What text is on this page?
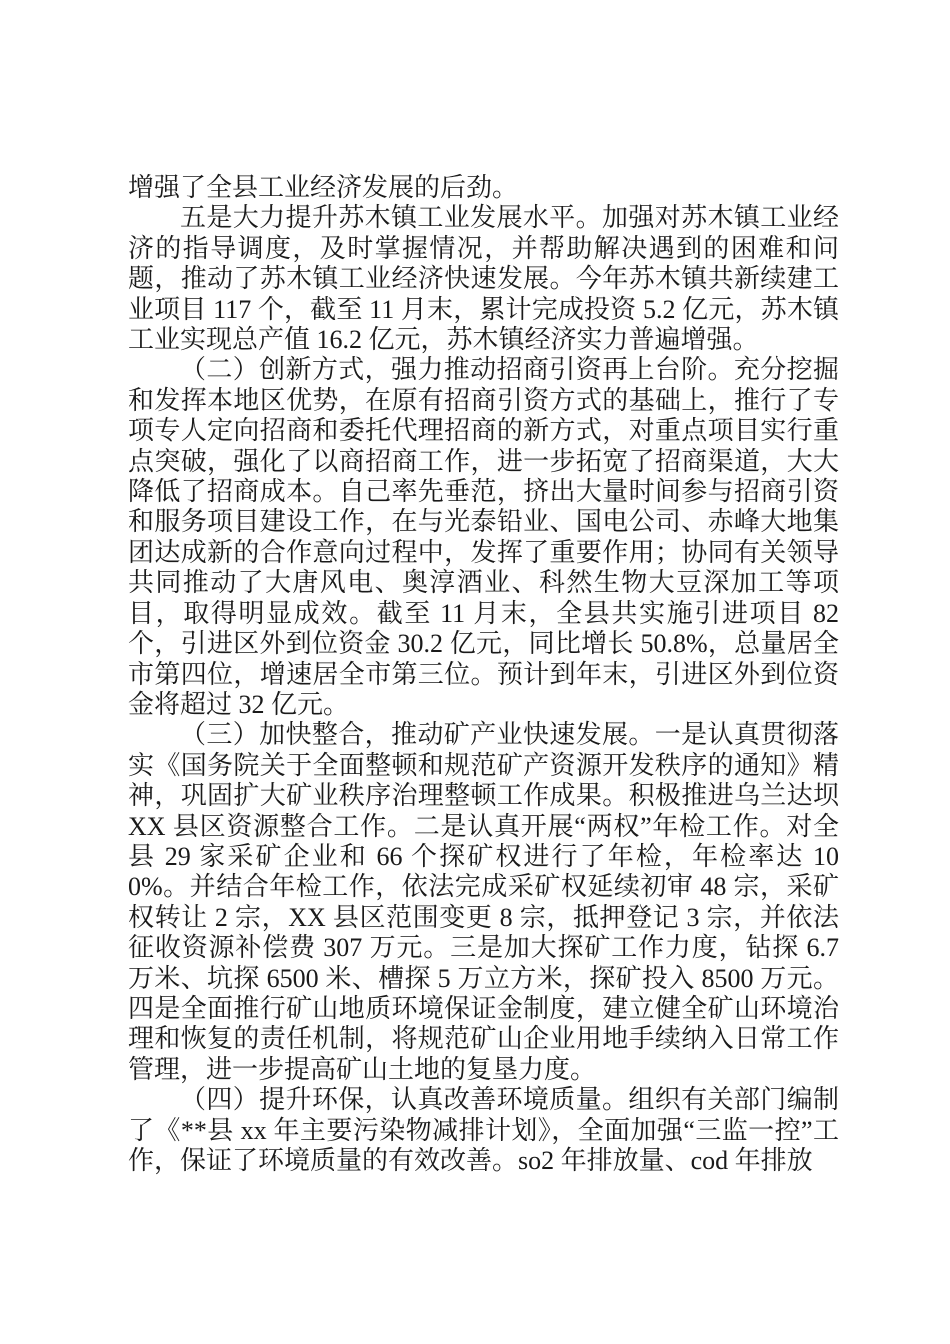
增强了全县工业经济发展的后劲。

五是大力提升苏木镇工业发展水平。加强对苏木镇工业经济的指导调度，及时掌握情况，并帮助解决遇到的困难和问题，推动了苏木镇工业经济快速发展。今年苏木镇共新续建工业项目 117 个，截至 11 月末，累计完成投资 5.2 亿元，苏木镇工业实现总产值 16.2 亿元，苏木镇经济实力普遍增强。

（二）创新方式，强力推动招商引资再上台阶。充分挖掘和发挥本地区优势，在原有招商引资方式的基础上，推行了专项专人定向招商和委托代理招商的新方式，对重点项目实行重点突破，强化了以商招商工作，进一步拓宽了招商渠道，大大降低了招商成本。自己率先垂范，挤出大量时间参与招商引资和服务项目建设工作，在与光泰铅业、国电公司、赤峰大地集团达成新的合作意向过程中，发挥了重要作用；协同有关领导共同推动了大唐风电、奥淳酒业、科然生物大豆深加工等项目，取得明显成效。截至 11 月末，全县共实施引进项目 82 个，引进区外到位资金 30.2 亿元，同比增长 50.8%，总量居全市第四位，增速居全市第三位。预计到年末，引进区外到位资金将超过 32 亿元。

（三）加快整合，推动矿产业快速发展。一是认真贯彻落实《国务院关于全面整顿和规范矿产资源开发秩序的通知》精神，巩固扩大矿业秩序治理整顿工作成果。积极推进乌兰达坝 XX 县区资源整合工作。二是认真开展“两权”年检工作。对全县 29 家采矿企业和 66 个探矿权进行了年检，年检率达 100%。并结合年检工作，依法完成采矿权延续初审 48 宗，采矿权转让 2 宗，XX 县区范围变更 8 宗，抵押登记 3 宗，并依法征收资源补偿费 307 万元。三是加大探矿工作力度，钻探 6.7 万米、坑探 6500 米、槽探 5 万立方米，探矿投入 8500 万元。四是全面推行矿山地质环境保证金制度，建立健全矿山环境治理和恢复的责任机制，将规范矿山企业用地手续纳入日常工作管理，进一步提高矿山土地的复垦力度。

（四）提升环保，认真改善环境质量。组织有关部门编制了《**县 xx 年主要污染物减排计划》，全面加强“三监一控”工作，保证了环境质量的有效改善。so2 年排放量、cod 年排放
